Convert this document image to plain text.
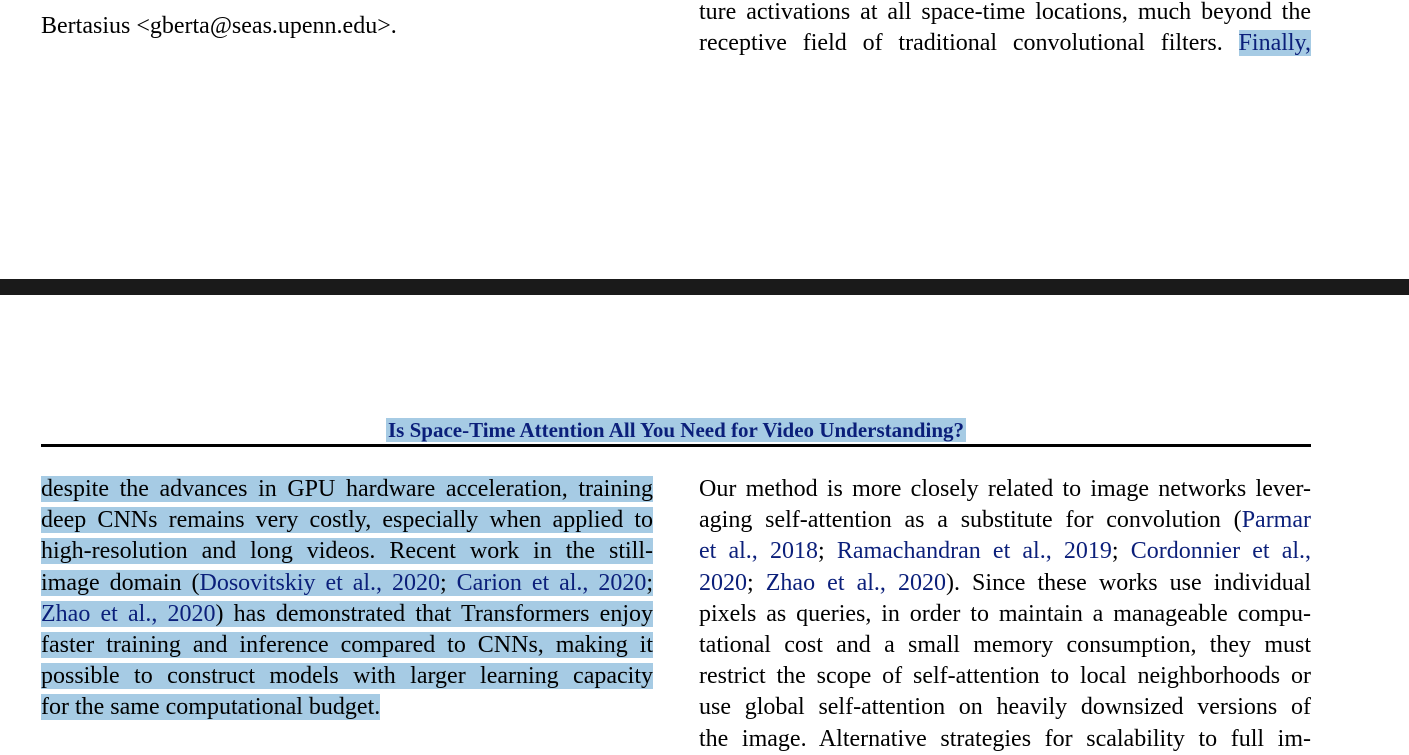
Bertasius <gberta@seas.upenn.edu>.
ture activations at all space-time locations, much beyond the
receptive field of traditional convolutional filters. Finally,
Is Space-Time Attention All You Need for Video Understanding?
despite the advances in GPU hardware acceleration, training
deep CNNs remains very costly, especially when applied to
high-resolution and long videos. Recent work in the still-
image domain (Dosovitskiy et al., 2020; Carion et al., 2020;
Zhao et al., 2020) has demonstrated that Transformers enjoy
faster training and inference compared to CNNs, making it
possible to construct models with larger learning capacity
for the same computational budget.
Our method is more closely related to image networks lever-
aging self-attention as a substitute for convolution (Parmar
et al., 2018; Ramachandran et al., 2019; Cordonnier et al.,
2020; Zhao et al., 2020). Since these works use individual
pixels as queries, in order to maintain a manageable compu-
tational cost and a small memory consumption, they must
restrict the scope of self-attention to local neighborhoods or
use global self-attention on heavily downsized versions of
the image. Alternative strategies for scalability to full im-
